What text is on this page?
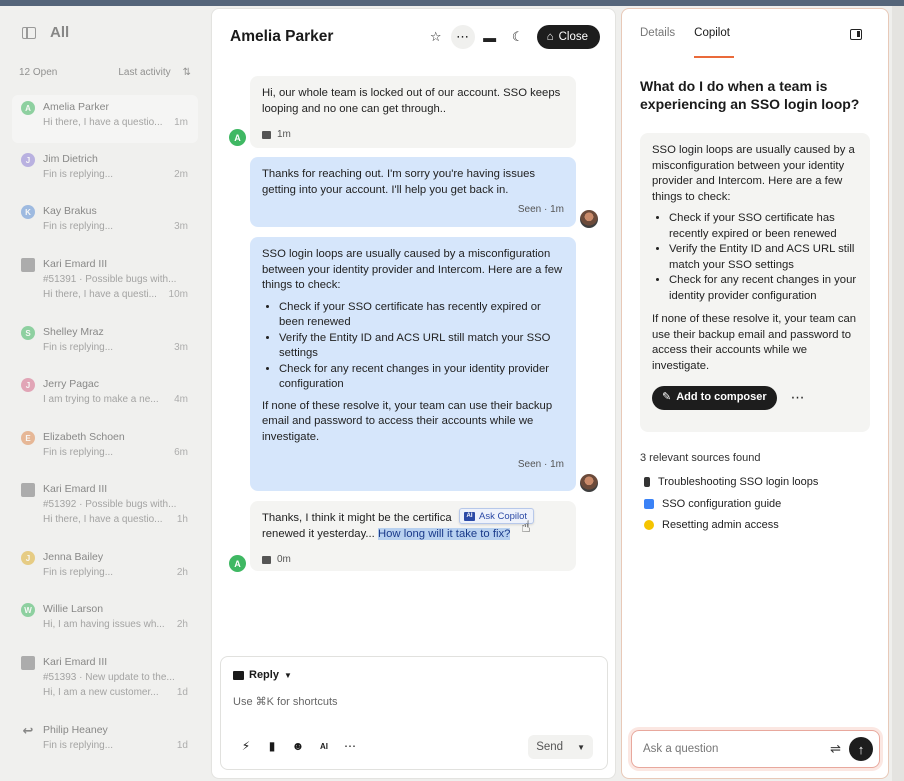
All
12 Open	Last activity ⇅
A	Amelia Parker
Hi there, I have a questio... 1m
J	Jim Dietrich
Fin is replying...	2m
K	Kay Brakus
Fin is replying...	3m
Kari Emard III
#51391 · Possible bugs with...
Hi there, I have a questi...	10m
S	Shelley Mraz
Fin is replying...	3m
J	Jerry Pagac
I am trying to make a ne...	4m
E	Elizabeth Schoen
Fin is replying...	6m
Kari Emard III
#51392 · Possible bugs with...
Hi there, I have a questio... 1h
J	Jenna Bailey
Fin is replying...	2h
W	Willie Larson
Hi, I am having issues wh... 2h
Kari Emard III
#51393 · New update to the...
Hi, I am a new customer...	1d
↩ Philip Heaney
Fin is replying...	1d
Amelia Parker	☆	⋯	▬	☾	⌂ Close
Hi, our whole team is locked out of our account. SSO keeps looping and no one can get through..
1m
A
Thanks for reaching out. I'm sorry you're having issues getting into your account. I'll help you get back in.
Seen · 1m
SSO login loops are usually caused by a misconfiguration between your identity provider and Intercom. Here are a few things to check:
• Check if your SSO certificate has recently expired or been renewed
• Verify the Entity ID and ACS URL still match your SSO settings
• Check for any recent changes in your identity provider configuration
If none of these resolve it, your team can use their backup email and password to access their accounts while we investigate.
Seen · 1m
Thanks, I think it might be the certifica
renewed it yesterday... How long will it take to fix?
0m
A
AI Ask Copilot
☝
Reply ▼
Use ⌘K for shortcuts
⚡	▮	☻	AI ⋯	Send ▼
Details Copilot
What do I do when a team is experiencing an SSO login loop?
SSO login loops are usually caused by a misconfiguration between your identity provider and Intercom. Here are a few things to check:
• Check if your SSO certificate has recently expired or been renewed
• Verify the Entity ID and ACS URL still match your SSO settings
• Check for any recent changes in your identity provider configuration
If none of these resolve it, your team can use their backup email and password to access their accounts while we investigate.
✎ Add to composer ⋯
3 relevant sources found
Troubleshooting SSO login loops
SSO configuration guide
Resetting admin access
Ask a question
⇌	↑
